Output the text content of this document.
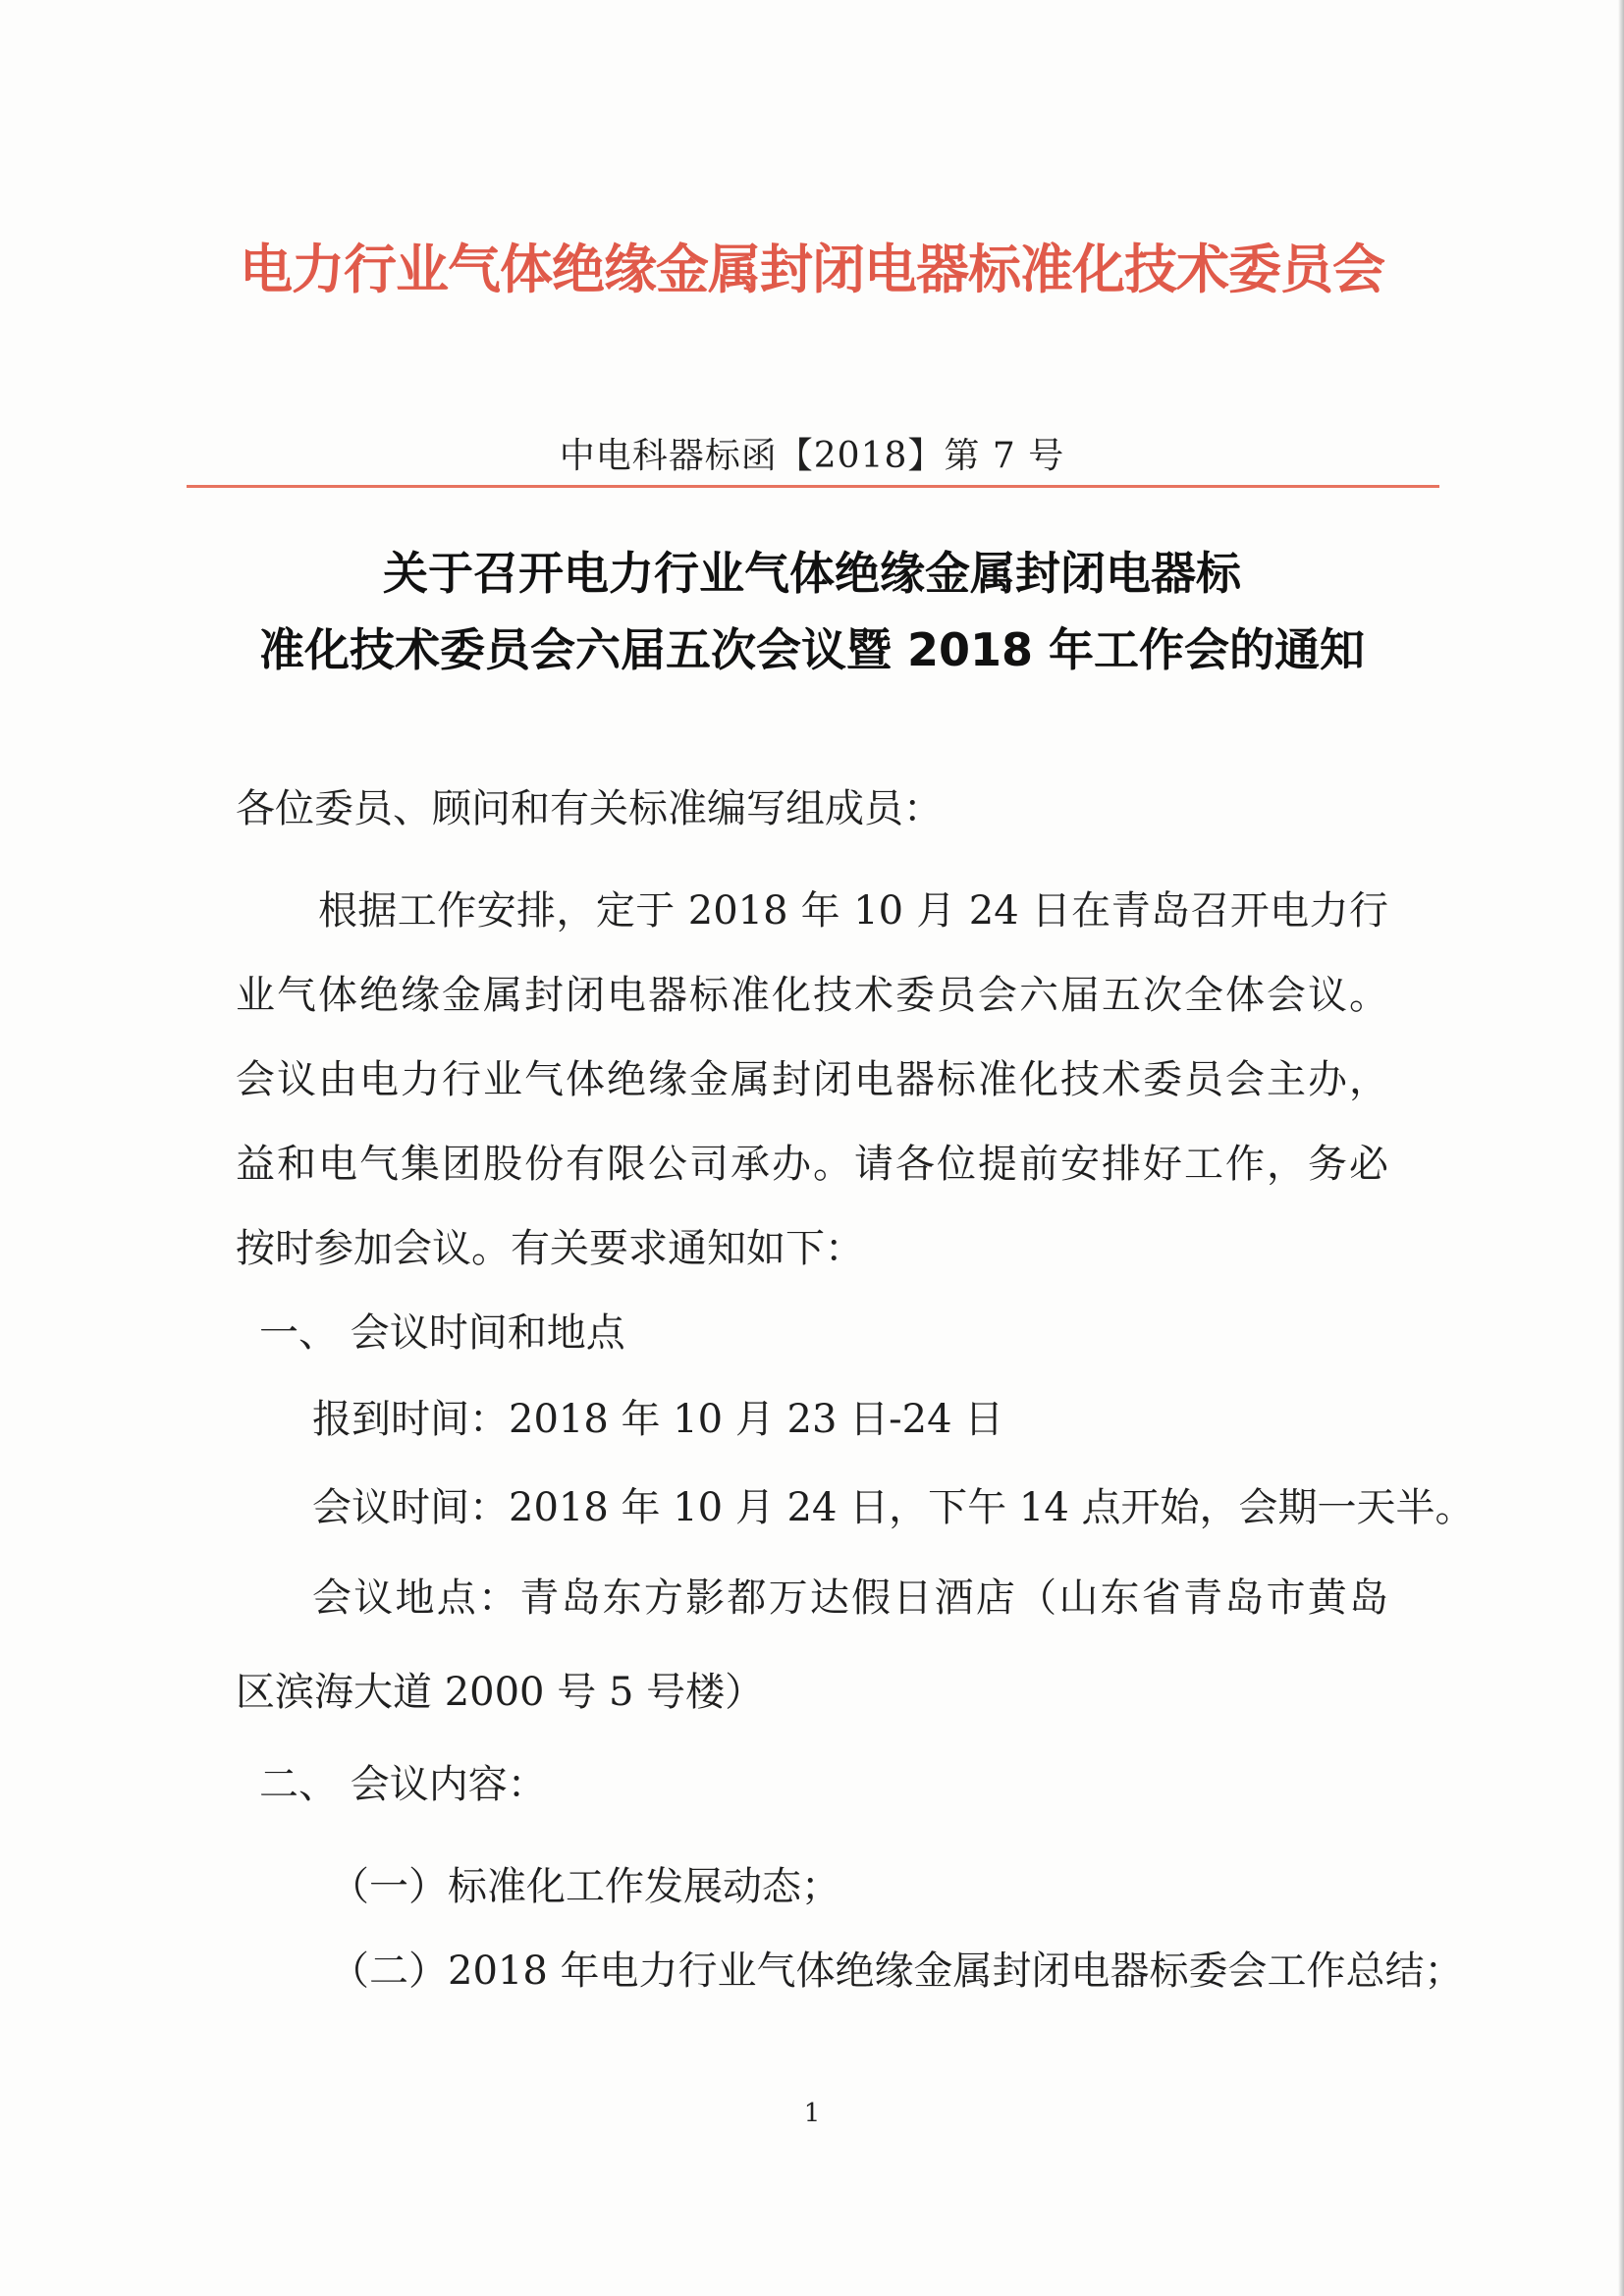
电力行业气体绝缘金属封闭电器标准化技术委员会
中电科器标函【2018】第 7 号
关于召开电力行业气体绝缘金属封闭电器标
准化技术委员会六届五次会议暨 2018 年工作会的通知
各位委员、顾问和有关标准编写组成员：
根据工作安排，定于 2018 年 10 月 24 日在青岛召开电力行
业气体绝缘金属封闭电器标准化技术委员会六届五次全体会议。
会议由电力行业气体绝缘金属封闭电器标准化技术委员会主办，
益和电气集团股份有限公司承办。请各位提前安排好工作，务必
按时参加会议。有关要求通知如下：
一、 会议时间和地点
报到时间：2018 年 10 月 23 日-24 日
会议时间：2018 年 10 月 24 日，下午 14 点开始，会期一天半。
会议地点：青岛东方影都万达假日酒店（山东省青岛市黄岛
区滨海大道 2000 号 5 号楼）
二、 会议内容：
（一）标准化工作发展动态；
（二）2018 年电力行业气体绝缘金属封闭电器标委会工作总结；
1
